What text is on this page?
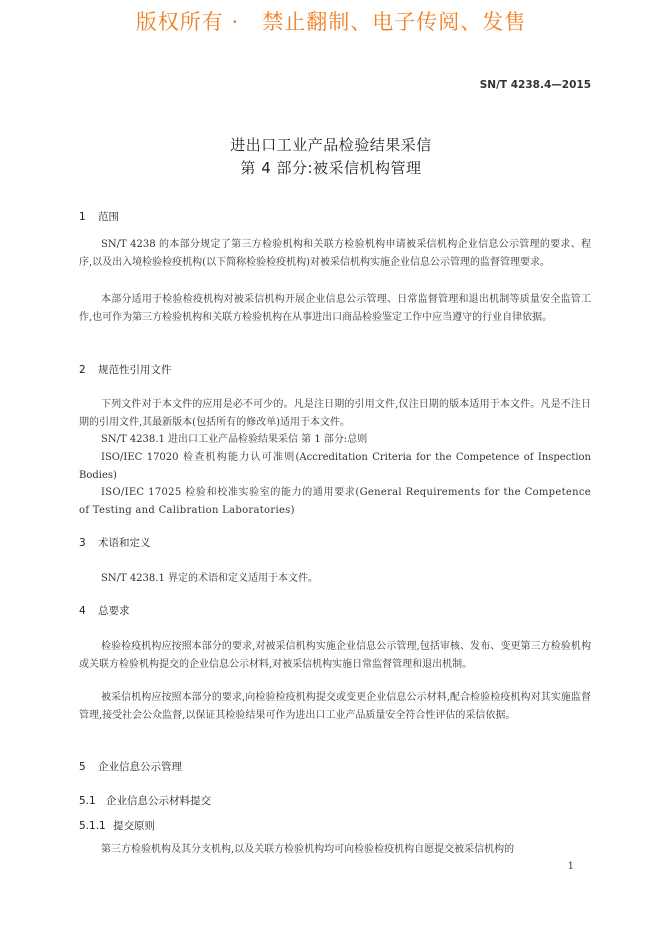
版权所有 ·   禁止翻制、电子传阅、发售
SN/T 4238.4—2015
进出口工业产品检验结果采信
第 4 部分:被采信机构管理
1 范围
SN/T 4238 的本部分规定了第三方检验机构和关联方检验机构申请被采信机构企业信息公示管理的要求、程序,以及出入境检验检疫机构(以下简称检验检疫机构)对被采信机构实施企业信息公示管理的监督管理要求。
本部分适用于检验检疫机构对被采信机构开展企业信息公示管理、日常监督管理和退出机制等质量安全监管工作,也可作为第三方检验机构和关联方检验机构在从事进出口商品检验鉴定工作中应当遵守的行业自律依据。
2 规范性引用文件
下列文件对于本文件的应用是必不可少的。凡是注日期的引用文件,仅注日期的版本适用于本文件。凡是不注日期的引用文件,其最新版本(包括所有的修改单)适用于本文件。
SN/T 4238.1 进出口工业产品检验结果采信 第 1 部分:总则
ISO/IEC 17020 检查机构能力认可准则(Accreditation Criteria for the Competence of Inspection Bodies)
ISO/IEC 17025 检验和校准实验室的能力的通用要求(General Requirements for the Competence of Testing and Calibration Laboratories)
3 术语和定义
SN/T 4238.1 界定的术语和定义适用于本文件。
4 总要求
检验检疫机构应按照本部分的要求,对被采信机构实施企业信息公示管理,包括审核、发布、变更第三方检验机构或关联方检验机构提交的企业信息公示材料,对被采信机构实施日常监督管理和退出机制。
被采信机构应按照本部分的要求,向检验检疫机构提交或变更企业信息公示材料,配合检验检疫机构对其实施监督管理,接受社会公众监督,以保证其检验结果可作为进出口工业产品质量安全符合性评估的采信依据。
5 企业信息公示管理
5.1 企业信息公示材料提交
5.1.1 提交原则
第三方检验机构及其分支机构,以及关联方检验机构均可向检验检疫机构自愿提交被采信机构的
1
